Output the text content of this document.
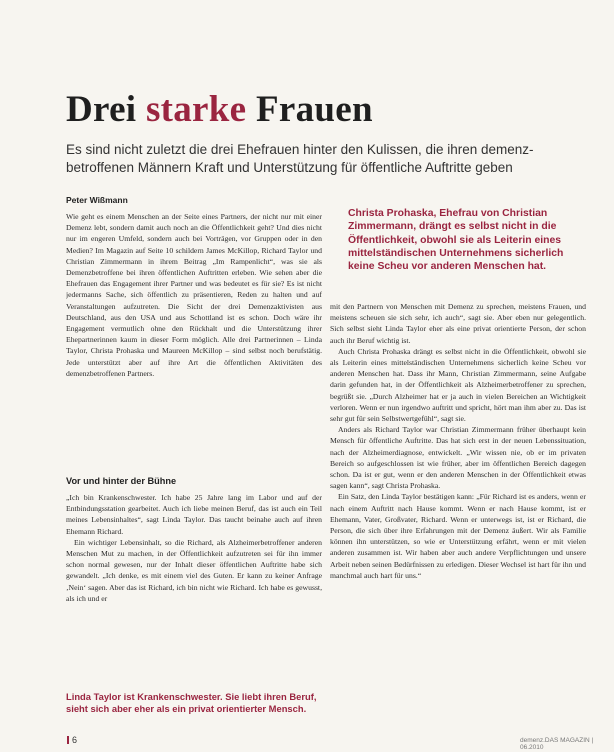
Drei starke Frauen

Es sind nicht zuletzt die drei Ehefrauen hinter den Kulissen, die ihren demenz-betroffenen Männern Kraft und Unterstützung für öffentliche Auftritte geben

Peter Wißmann

Wie geht es einem Menschen an der Seite eines Partners, der nicht nur mit einer Demenz lebt, sondern damit auch noch an die Öffentlichkeit geht? Und dies nicht nur im engeren Umfeld, sondern auch bei Vorträgen, vor Gruppen oder in den Medien? Im Magazin auf Seite 10 schildern James McKillop, Richard Taylor und Christian Zimmermann in ihrem Beitrag „Im Rampenlicht“, was sie als Demenzbetroffene bei ihren öffentlichen Auftritten erleben. Wie sehen aber die Ehefrauen das Engagement ihrer Partner und was bedeutet es für sie? Es ist nicht jedermanns Sache, sich öffentlich zu präsentieren, Reden zu halten und auf Veranstaltungen aufzutreten. Die Sicht der drei Demenzaktivisten aus Deutschland, aus den USA und aus Schottland ist es schon. Doch wäre ihr Engagement vermutlich ohne den Rückhalt und die Unterstützung ihrer Ehepartnerinnen kaum in dieser Form möglich. Alle drei Partnerinnen – Linda Taylor, Christa Prohaska und Maureen McKillop – sind selbst noch berufstätig. Jede unterstützt aber auf ihre Art die öffentlichen Aktivitäten des demenzbetroffenen Partners.

Vor und hinter der Bühne

„Ich bin Krankenschwester. Ich habe 25 Jahre lang im Labor und auf der Entbindungsstation gearbeitet. Auch ich liebe meinen Beruf, das ist auch ein Teil meines Lebensinhaltes“, sagt Linda Taylor. Das taucht beinahe auch auf ihren Ehemann Richard.

Ein wichtiger Lebensinhalt, so die Richard, als Alzheimerbetroffener anderen Menschen Mut zu machen, in der Öffentlichkeit aufzutreten sei für ihn immer schon normal gewesen, nur der Inhalt dieser öffentlichen Auftritte habe sich gewandelt. „Ich denke, es mit einem viel des Guten. Er kann zu keiner Anfrage ‚Nein‘ sagen. Aber das ist Richard, ich bin nicht wie Richard. Ich habe es gewusst, als ich und er

Christa Prohaska, Ehefrau von Christian Zimmermann, drängt es selbst nicht in die Öffentlichkeit, obwohl sie als Leiterin eines mittelständischen Unternehmens sicherlich keine Scheu vor anderen Menschen hat.

mit den Partnern von Menschen mit Demenz zu sprechen, meistens Frauen, und meistens scheuen sie sich sehr, ich auch“, sagt sie. Aber eben nur gelegentlich. Sich selbst sieht Linda Taylor eher als eine privat orientierte Person, der schon auch ihr Beruf wichtig ist.

Auch Christa Prohaska drängt es selbst nicht in die Öffentlichkeit, obwohl sie als Leiterin eines mittelständischen Unternehmens sicherlich keine Scheu vor anderen Menschen hat. Dass ihr Mann, Christian Zimmermann, seine Aufgabe darin gefunden hat, in der Öffentlichkeit als Alzheimerbetroffener zu sprechen, begrüßt sie. „Durch Alzheimer hat er ja auch in vielen Bereichen an Wichtigkeit verloren. Wenn er nun irgendwo auftritt und spricht, hört man ihm aber zu. Das ist sehr gut für sein Selbstwertgefühl“, sagt sie.

Anders als Richard Taylor war Christian Zimmermann früher überhaupt kein Mensch für öffentliche Auftritte. Das hat sich erst in der neuen Lebenssituation, nach der Alzheimerdiagnose, entwickelt. „Wir wissen nie, ob er im privaten Bereich so aufgeschlossen ist wie früher, aber im öffentlichen Bereich dagegen schon. Da ist er gut, wenn er den anderen Menschen in der Öffentlichkeit etwas sagen kann“, sagt Christa Prohaska.

Ein Satz, den Linda Taylor bestätigen kann: „Für Richard ist es anders, wenn er nach einem Auftritt nach Hause kommt. Wenn er nach Hause kommt, ist er Ehemann, Vater, Großvater, Richard. Wenn er unterwegs ist, ist er Richard, die Person, die sich über ihre Erfahrungen mit der Demenz äußert. Wir als Familie können ihn unterstützen, so wie er Unterstützung erfährt, wenn er mit vielen anderen zusammen ist. Wir haben aber auch andere Verpflichtungen und unsere Arbeit neben seinen Bedürfnissen zu erledigen. Dieser Wechsel ist hart für ihn und manchmal auch hart für uns.“

Linda Taylor ist Krankenschwester. Sie liebt ihren Beruf, sieht sich aber eher als ein privat orientierter Mensch.

6	demenz.DAS MAGAZIN | 06.2010
